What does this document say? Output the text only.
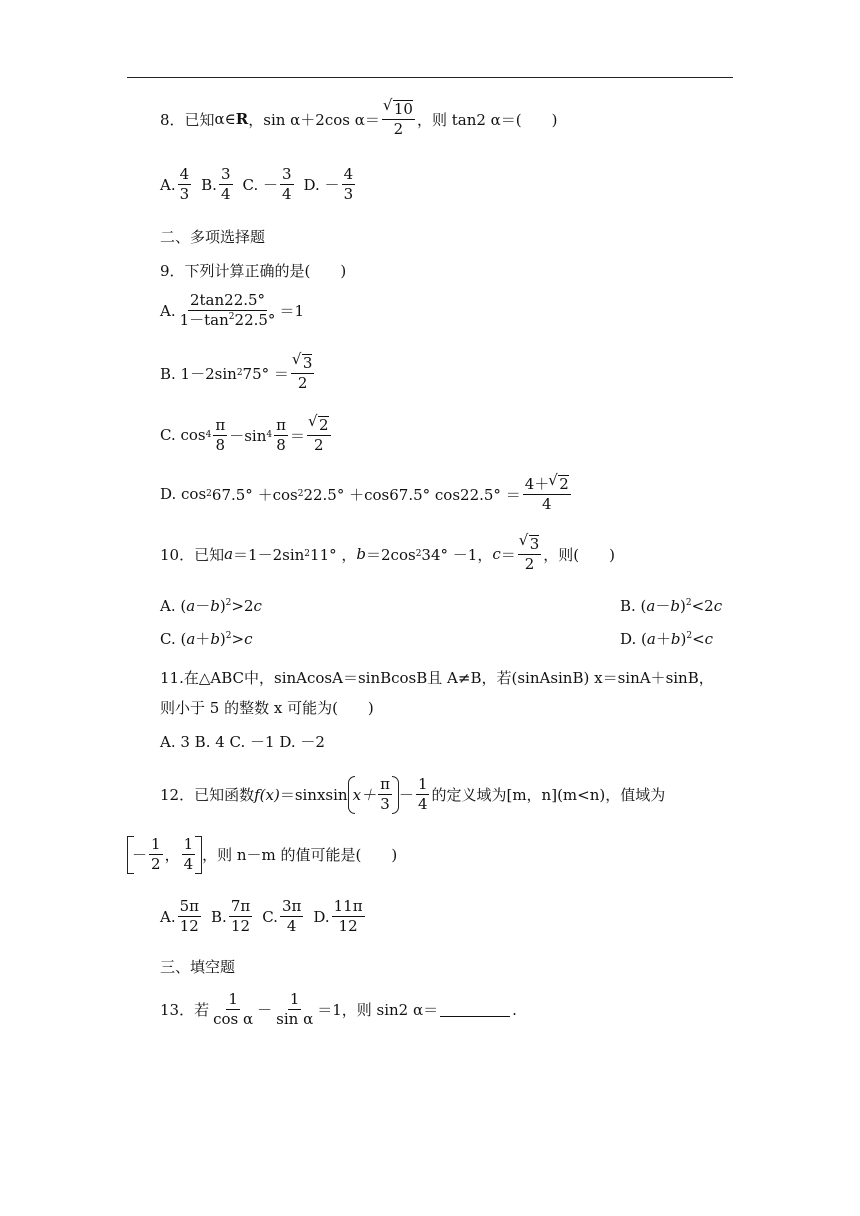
8．已知 α∈ R ，sin α＋2cos α＝ √ $\frac{10}{2}$ ，则 tan2 α＝(　　)
A. $\frac{4}{3} B$. $\frac{3}{4} C$. － $\frac{3}{4} D$. － $\frac{4}{3}$
二、多项选择题
9．下列计算正确的是(　　)
A. $\frac{2\tan 22.5^\circ}{1-\tan^222.5^\circ} =1$
B. 1－2sin 2 75° ＝ √ $\frac{3}{2}$
C. $\cos 4 \frac{\pi}{8} -\sin$ $4 \frac{\pi}{8}$ ＝ √ $\frac{2}{2}$
D. cos 2 67.5° ＋cos 2 22.5° ＋cos67.5° $\cos 22.5^\circ = \frac{4+ √ 2}{4}$
10．已知 a ＝1－2sin 2 11° ， b ＝2cos 2 34° －1， c ＝ √ $\frac{3}{2}$ ，则(　　)
A. $(a-b)^2>2c$	B. $(a-b)^2<2c$
C. $(a+b)^2>c$	D. $(a+b)^2<c$
11.在△ABC中，sinAcosA＝sinBcosB且 A≠B，若(sinAsinB) x＝sinA＋sinB，
则小于 5 的整数 x 可能为(　　)
A. 3 B. 4 C. －1 D. －2
12．已知函数 f(x) ＝sinxsin $x+ \frac{\pi}{3} - \frac{1}{4}$ 的定义域为[m，n](m<n)，值域为
－ $\frac{1}{2}$ ， $\frac{1}{4}$ ，则 n－m 的值可能是(　　)
A. $\frac{5\pi}{12} B$. $\frac{7\pi}{12} C$. $\frac{3\pi}{4} D$. $\frac{11\pi}{12}$
三、填空题
13．若 $\frac{1}{\text{cos α}} - \frac{1}{\text{sin α}} =1$，则 sin2 α＝	.
